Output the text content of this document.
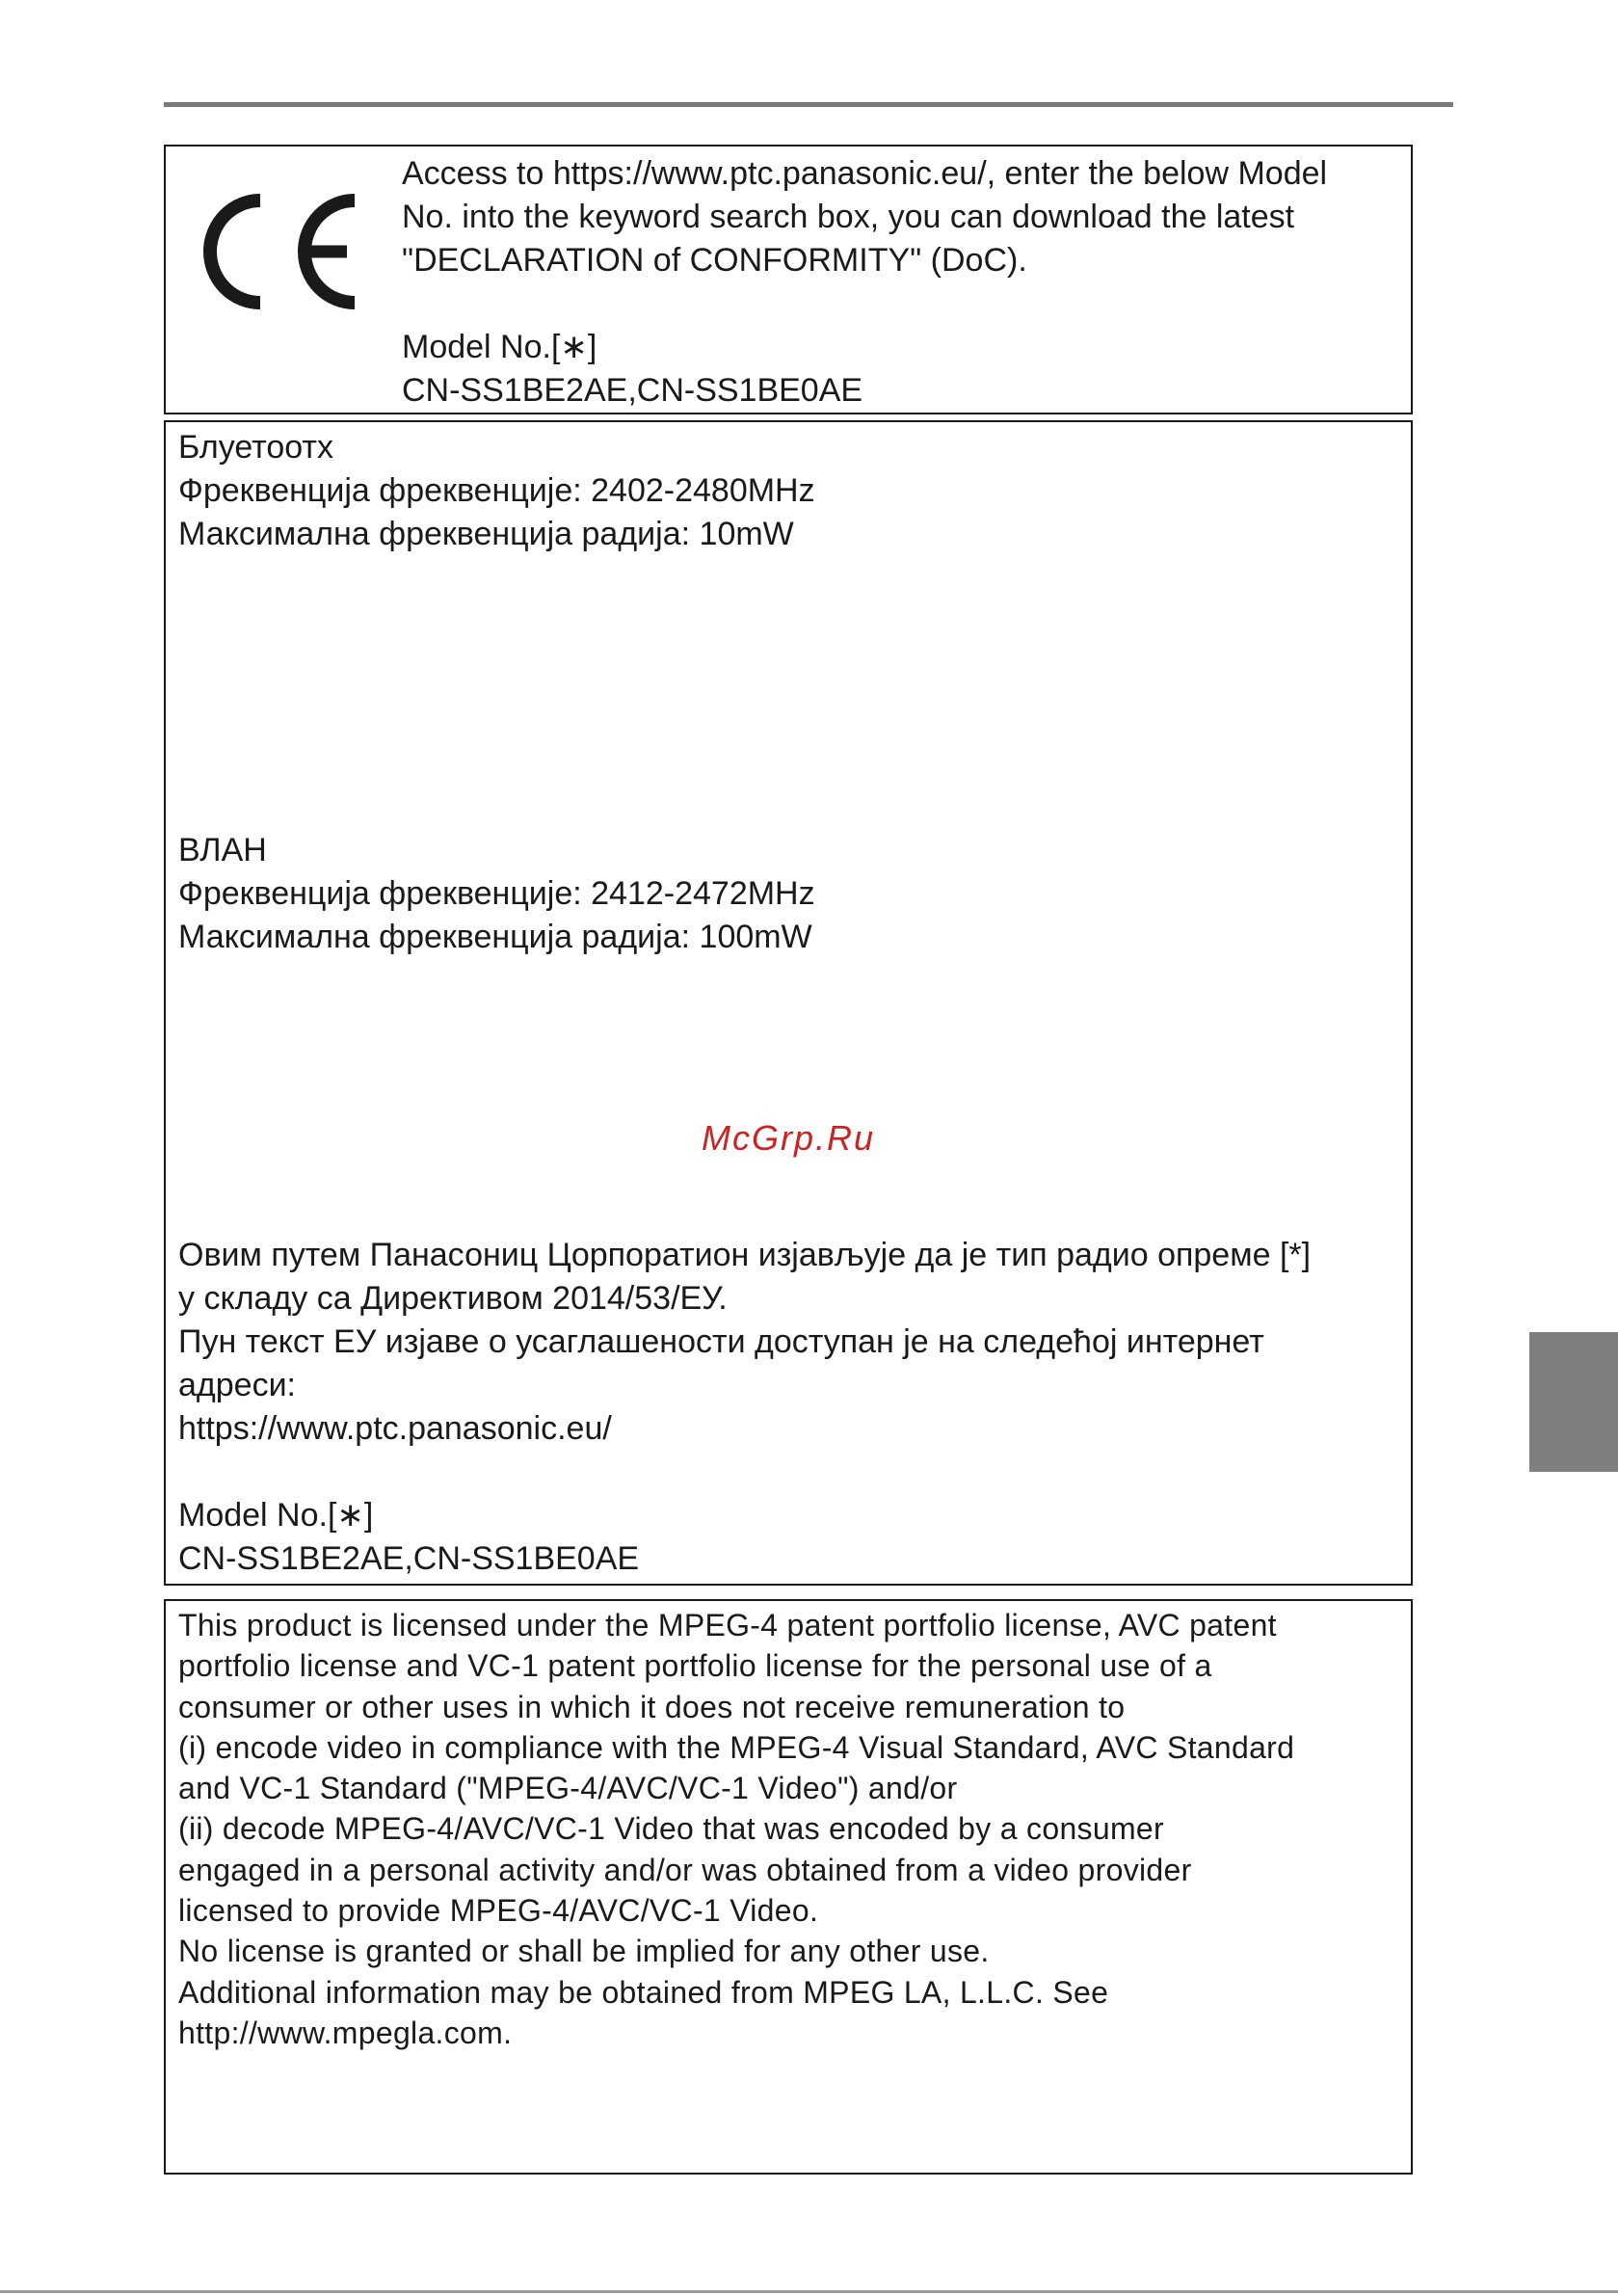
Access to https://www.ptc.panasonic.eu/, enter the below Model
No. into the keyword search box, you can download the latest
"DECLARATION of CONFORMITY" (DoC).
Model No.[∗]
CN-SS1BE2AE,CN-SS1BE0AE
Блуетоотх
Фреквенција фреквенције: 2402-2480MHz
Максимална фреквенција радија: 10mW
ВЛАН
Фреквенција фреквенције: 2412-2472MHz
Максимална фреквенција радија: 100mW
McGrp.Ru
Овим путем Панасониц Цорпоратион изјављује да је тип радио опреме [*]
у складу са Директивом 2014/53/ЕУ.
Пун текст ЕУ изјаве о усаглашености доступан је на следећој интернет
адреси:
https://www.ptc.panasonic.eu/
Model No.[∗]
CN-SS1BE2AE,CN-SS1BE0AE
This product is licensed under the MPEG-4 patent portfolio license, AVC patent
portfolio license and VC-1 patent portfolio license for the personal use of a
consumer or other uses in which it does not receive remuneration to
(i) encode video in compliance with the MPEG-4 Visual Standard, AVC Standard
and VC-1 Standard ("MPEG-4/AVC/VC-1 Video") and/or
(ii) decode MPEG-4/AVC/VC-1 Video that was encoded by a consumer
engaged in a personal activity and/or was obtained from a video provider
licensed to provide MPEG-4/AVC/VC-1 Video.
No license is granted or shall be implied for any other use.
Additional information may be obtained from MPEG LA, L.L.C. See
http://www.mpegla.com.
